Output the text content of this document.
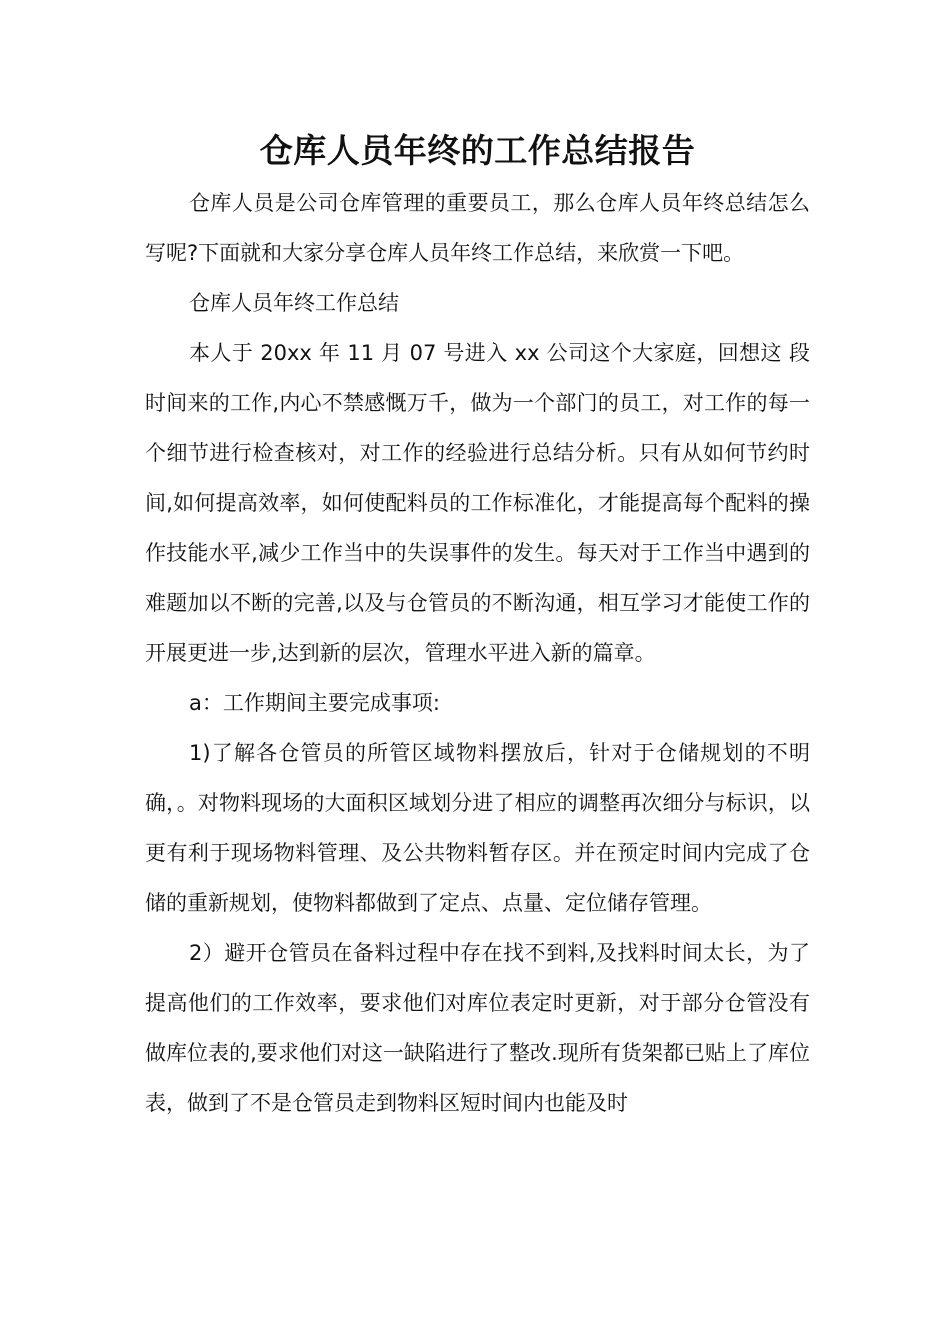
仓库人员年终的工作总结报告

仓库人员是公司仓库管理的重要员工，那么仓库人员年终总结怎么写呢?下面就和大家分享仓库人员年终工作总结，来欣赏一下吧。

仓库人员年终工作总结

本人于 20xx 年 11 月 07 号进入 xx 公司这个大家庭，回想这 段时间来的工作,内心不禁感慨万千，做为一个部门的员工，对工作的每一个细节进行检查核对，对工作的经验进行总结分析。只有从如何节约时间,如何提高效率，如何使配料员的工作标准化，才能提高每个配料的操作技能水平,减少工作当中的失误事件的发生。每天对于工作当中遇到的难题加以不断的完善,以及与仓管员的不断沟通，相互学习才能使工作的开展更进一步,达到新的层次，管理水平进入新的篇章。

a：工作期间主要完成事项:

1)了解各仓管员的所管区域物料摆放后，针对于仓储规划的不明确，。对物料现场的大面积区域划分进了相应的调整再次细分与标识，以更有利于现场物料管理、及公共物料暂存区。并在预定时间内完成了仓储的重新规划，使物料都做到了定点、点量、定位储存管理。

2）避开仓管员在备料过程中存在找不到料,及找料时间太长，为了提高他们的工作效率，要求他们对库位表定时更新，对于部分仓管没有做库位表的,要求他们对这一缺陷进行了整改.现所有货架都已贴上了库位表，做到了不是仓管员走到物料区短时间内也能及时
